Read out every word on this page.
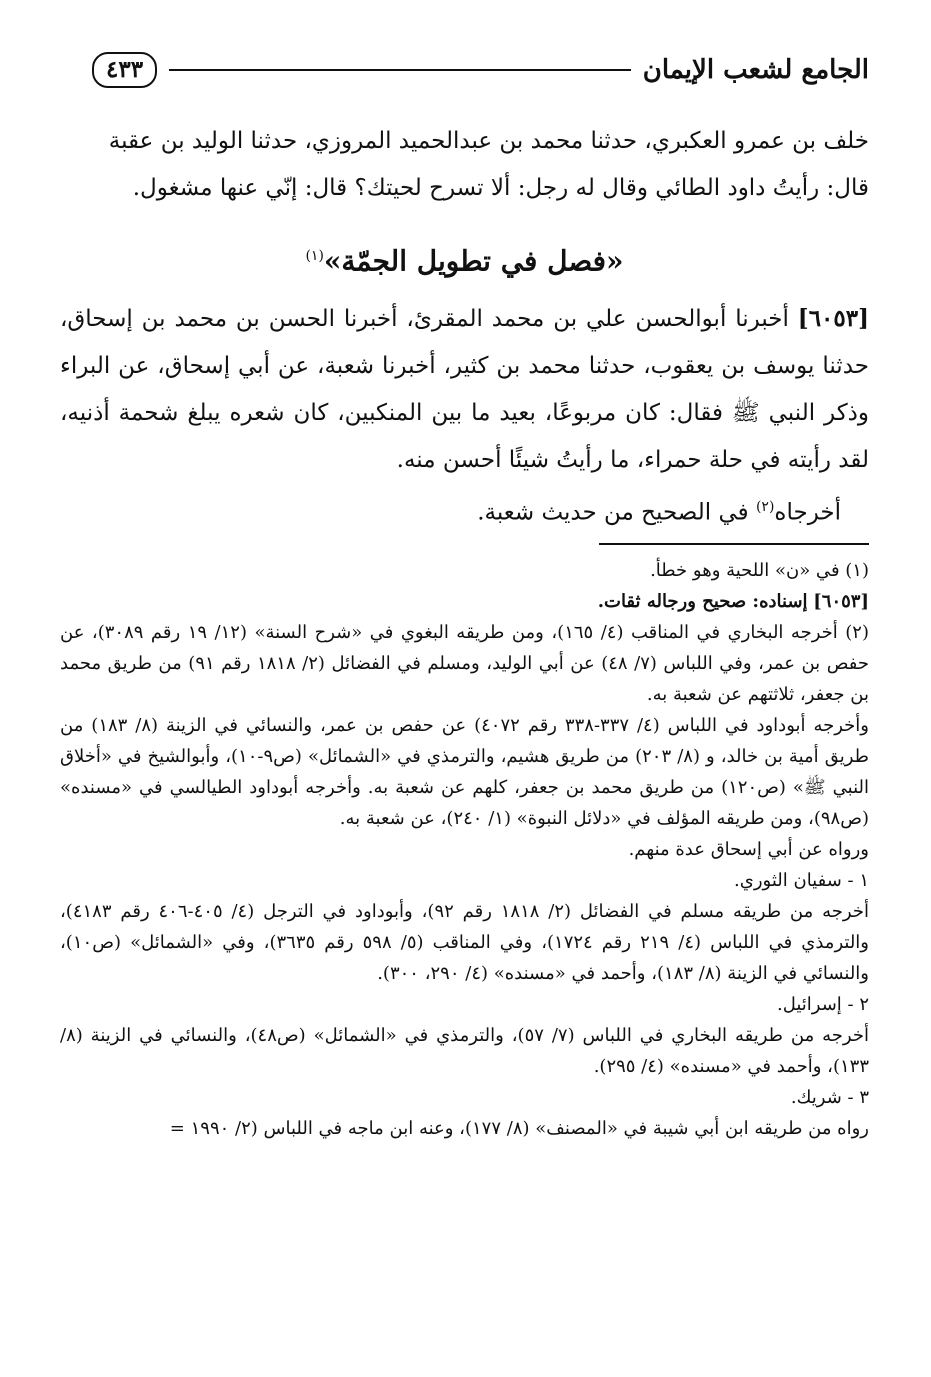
الجامع لشعب الإيمان
٤٣٣

خلف بن عمرو العكبري، حدثنا محمد بن عبدالحميد المروزي، حدثنا الوليد بن عقبة

قال: رأيتُ داود الطائي وقال له رجل: ألا تسرح لحيتك؟ قال: إنّي عنها مشغول.

«فصل في تطويل الجمّة»$^{(١)}$

[٦٠٥٣] أخبرنا أبوالحسن علي بن محمد المقرئ، أخبرنا الحسن بن محمد بن إسحاق، حدثنا يوسف بن يعقوب، حدثنا محمد بن كثير، أخبرنا شعبة، عن أبي إسحاق، عن البراء وذكر النبي ﷺ فقال: كان مربوعًا، بعيد ما بين المنكبين، كان شعره يبلغ شحمة أذنيه، لقد رأيته في حلة حمراء، ما رأيتُ شيئًا أحسن منه.

أخرجاه$^{(٢)}$ في الصحيح من حديث شعبة.

(١) في «ن» اللحية وهو خطأ.

[٦٠٥٣] إسناده: صحيح ورجاله ثقات.

(٢) أخرجه البخاري في المناقب (٤/ ١٦٥)، ومن طريقه البغوي في «شرح السنة» (١٢/ ١٩ رقم ٣٠٨٩)، عن حفص بن عمر، وفي اللباس (٧/ ٤٨) عن أبي الوليد، ومسلم في الفضائل (٢/ ١٨١٨ رقم ٩١) من طريق محمد بن جعفر، ثلاثتهم عن شعبة به.

وأخرجه أبوداود في اللباس (٤/ ٣٣٧-٣٣٨ رقم ٤٠٧٢) عن حفص بن عمر، والنسائي في الزينة (٨/ ١٨٣) من طريق أمية بن خالد، و (٨/ ٢٠٣) من طريق هشيم، والترمذي في «الشمائل» (ص٩-١٠)، وأبوالشيخ في «أخلاق النبي ﷺ» (ص١٢٠) من طريق محمد بن جعفر، كلهم عن شعبة به. وأخرجه أبوداود الطيالسي في «مسنده» (ص٩٨)، ومن طريقه المؤلف في «دلائل النبوة» (١/ ٢٤٠)، عن شعبة به.

ورواه عن أبي إسحاق عدة منهم.

١ - سفيان الثوري.

أخرجه من طريقه مسلم في الفضائل (٢/ ١٨١٨ رقم ٩٢)، وأبوداود في الترجل (٤/ ٤٠٥-٤٠٦ رقم ٤١٨٣)، والترمذي في اللباس (٤/ ٢١٩ رقم ١٧٢٤)، وفي المناقب (٥/ ٥٩٨ رقم ٣٦٣٥)، وفي «الشمائل» (ص١٠)، والنسائي في الزينة (٨/ ١٨٣)، وأحمد في «مسنده» (٤/ ٢٩٠، ٣٠٠).

٢ - إسرائيل.

أخرجه من طريقه البخاري في اللباس (٧/ ٥٧)، والترمذي في «الشمائل» (ص٤٨)، والنسائي في الزينة (٨/ ١٣٣)، وأحمد في «مسنده» (٤/ ٢٩٥).

٣ - شريك.

رواه من طريقه ابن أبي شيبة في «المصنف» (٨/ ١٧٧)، وعنه ابن ماجه في اللباس (٢/ ١٩٩٠ =
